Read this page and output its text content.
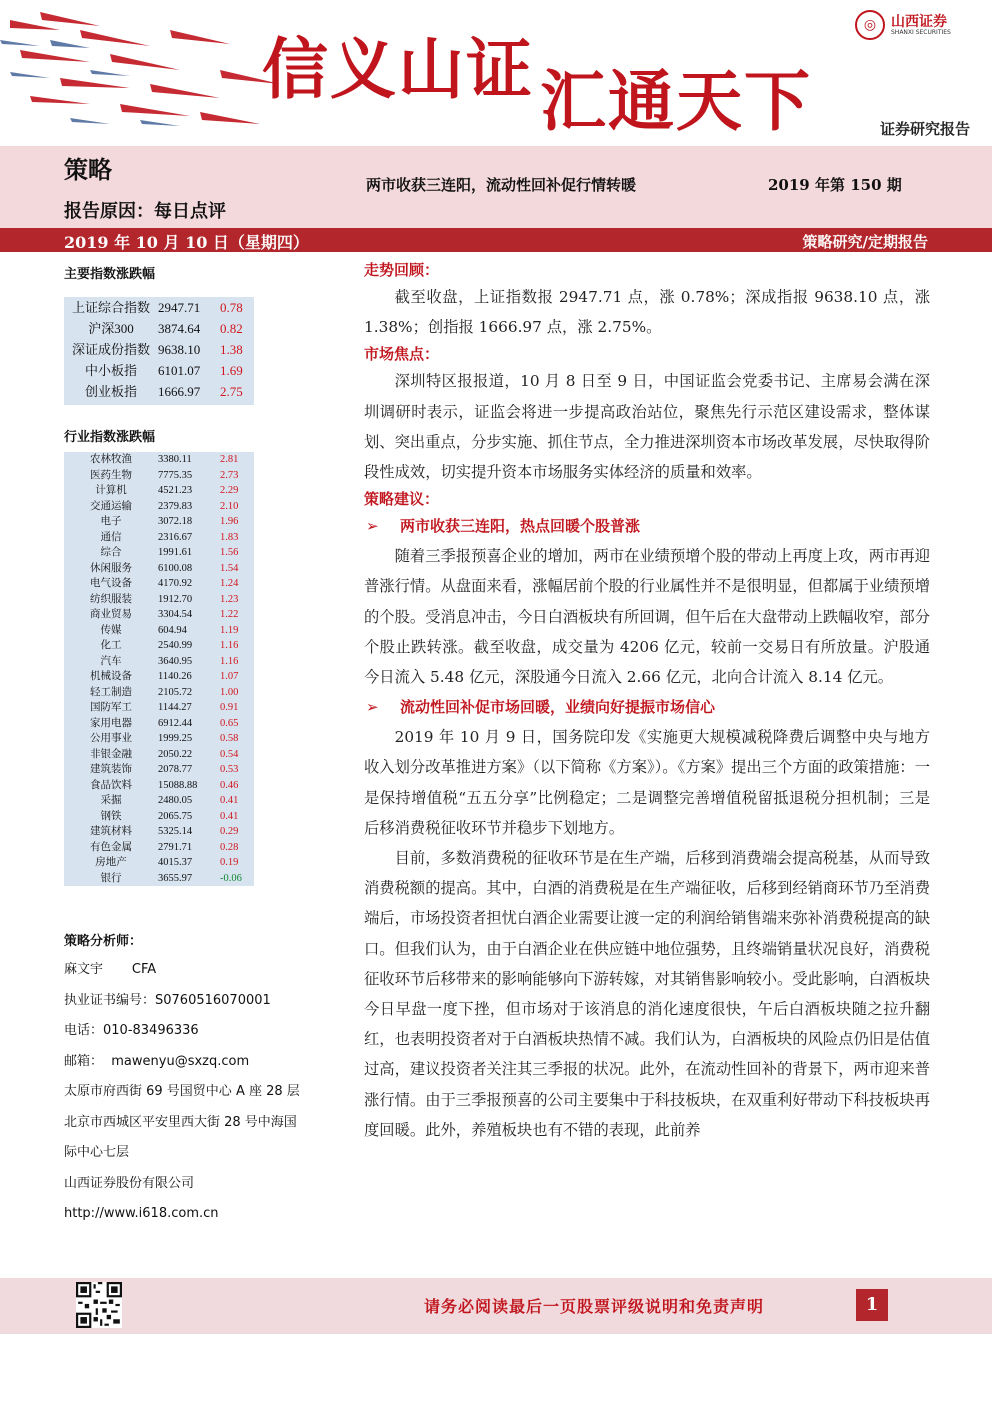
信义山证 汇通天下
◎	山西证券
SHANXI SECURITIES
证券研究报告
策略
两市收获三连阳，流动性回补促行情转暖	2019 年第 150 期
报告原因：每日点评
2019 年 10 月 10 日（星期四）	策略研究/定期报告
主要指数涨跌幅
上证综合指数 2947.71	0.78
沪深300	3874.64	0.82
深证成份指数 9638.10	1.38
中小板指	6101.07	1.69
创业板指	1666.97	2.75
行业指数涨跌幅
农林牧渔	3380.11	2.81
医药生物	7775.35	2.73
计算机	4521.23	2.29
交通运输	2379.83	2.10
电子	3072.18	1.96
通信	2316.67	1.83
综合	1991.61	1.56
休闲服务	6100.08	1.54
电气设备	4170.92	1.24
纺织服装	1912.70	1.23
商业贸易	3304.54	1.22
传媒	604.94	1.19
化工	2540.99	1.16
汽车	3640.95	1.16
机械设备	1140.26	1.07
轻工制造	2105.72	1.00
国防军工	1144.27	0.91
家用电器	6912.44	0.65
公用事业	1999.25	0.58
非银金融	2050.22	0.54
建筑装饰	2078.77	0.53
食品饮料	15088.88	0.46
采掘	2480.05	0.41
钢铁	2065.75	0.41
建筑材料	5325.14	0.29
有色金属	2791.71	0.28
房地产	4015.37	0.19
银行	3655.97	-0.06
策略分析师：
麻文宇       CFA
执业证书编号：S0760516070001
电话：010-83496336
邮箱：  mawenyu@sxzq.com
太原市府西街 69 号国贸中心 A 座 28 层
北京市西城区平安里西大街 28 号中海国
际中心七层
山西证券股份有限公司
http://www.i618.com.cn
走势回顾：

截至收盘，上证指数报 2947.71 点，涨 0.78%；深成指报 9638.10 点，涨 1.38%；创指报 1666.97 点，涨 2.75%。

市场焦点：

深圳特区报报道，10 月 8 日至 9 日，中国证监会党委书记、主席易会满在深圳调研时表示，证监会将进一步提高政治站位，聚焦先行示范区建设需求，整体谋划、突出重点，分步实施、抓住节点，全力推进深圳资本市场改革发展，尽快取得阶段性成效，切实提升资本市场服务实体经济的质量和效率。

策略建议：
➢	两市收获三连阳，热点回暖个股普涨

随着三季报预喜企业的增加，两市在业绩预增个股的带动上再度上攻，两市再迎普涨行情。从盘面来看，涨幅居前个股的行业属性并不是很明显，但都属于业绩预增的个股。受消息冲击，今日白酒板块有所回调，但午后在大盘带动上跌幅收窄，部分个股止跌转涨。截至收盘，成交量为 4206 亿元，较前一交易日有所放量。沪股通今日流入 5.48 亿元，深股通今日流入 2.66 亿元，北向合计流入 8.14 亿元。

➢	流动性回补促市场回暖，业绩向好提振市场信心

2019 年 10 月 9 日，国务院印发《实施更大规模减税降费后调整中央与地方收入划分改革推进方案》（以下简称《方案》）。《方案》提出三个方面的政策措施：一是保持增值税“五五分享”比例稳定；二是调整完善增值税留抵退税分担机制；三是后移消费税征收环节并稳步下划地方。

目前，多数消费税的征收环节是在生产端，后移到消费端会提高税基，从而导致消费税额的提高。其中，白酒的消费税是在生产端征收，后移到经销商环节乃至消费端后，市场投资者担忧白酒企业需要让渡一定的利润给销售端来弥补消费税提高的缺口。但我们认为，由于白酒企业在供应链中地位强势，且终端销量状况良好，消费税征收环节后移带来的影响能够向下游转嫁，对其销售影响较小。受此影响，白酒板块今日早盘一度下挫，但市场对于该消息的消化速度很快，午后白酒板块随之拉升翻红，也表明投资者对于白酒板块热情不减。我们认为，白酒板块的风险点仍旧是估值过高，建议投资者关注其三季报的状况。此外，在流动性回补的背景下，两市迎来普涨行情。由于三季报预喜的公司主要集中于科技板块，在双重利好带动下科技板块再度回暖。此外，养殖板块也有不错的表现，此前养

请务必阅读最后一页股票评级说明和免责声明	1
